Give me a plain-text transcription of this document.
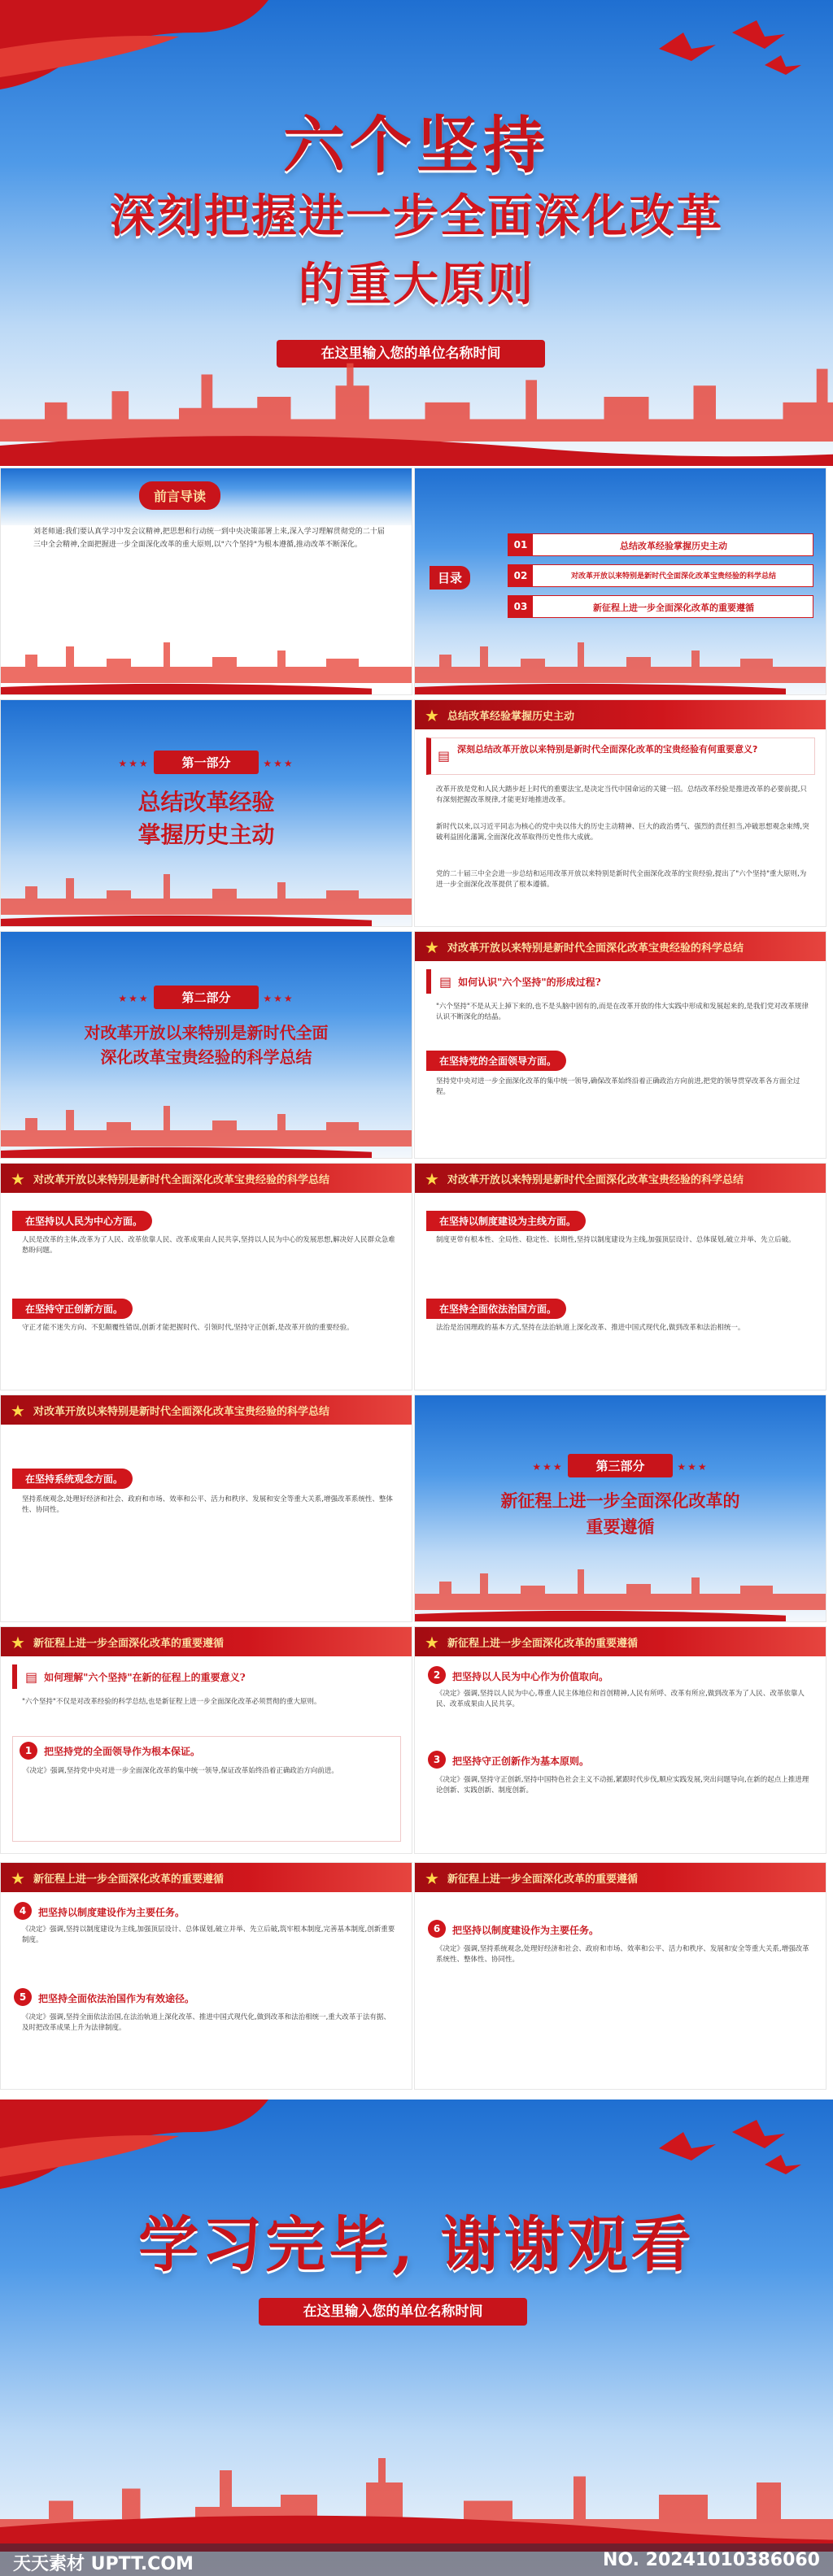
六个坚持
深刻把握进一步全面深化改革
的重大原则
在这里输入您的单位名称时间
前言导读
刘老师通:我们要认真学习中发会议精神,把思想和行动统一到中央决策部署上来,深入学习理解贯彻党的二十届三中全会精神,全面把握进一步全面深化改革的重大原则,以"六个坚持"为根本遵循,推动改革不断深化。
目录
01	总结改革经验掌握历史主动
02	对改革开放以来特别是新时代全面深化改革宝贵经验的科学总结
03	新征程上进一步全面深化改革的重要遵循
★★★ 第一部分	★★★
总结改革经验
掌握历史主动
★ 总结改革经验掌握历史主动
▤ 深刻总结改革开放以来特别是新时代全面深化改革的宝贵经验有何重要意义?
改革开放是党和人民大踏步赶上时代的重要法宝,是决定当代中国命运的关键一招。总结改革经验是推进改革的必要前提,只有深刻把握改革规律,才能更好地推进改革。
新时代以来,以习近平同志为核心的党中央以伟大的历史主动精神、巨大的政治勇气、强烈的责任担当,冲破思想观念束缚,突破利益固化藩篱,全面深化改革取得历史性伟大成就。
党的二十届三中全会进一步总结和运用改革开放以来特别是新时代全面深化改革的宝贵经验,提出了"六个坚持"重大原则,为进一步全面深化改革提供了根本遵循。
★★★ 第二部分	★★★
对改革开放以来特别是新时代全面
深化改革宝贵经验的科学总结
★ 对改革开放以来特别是新时代全面深化改革宝贵经验的科学总结
▤ 如何认识"六个坚持"的形成过程?
"六个坚持"不是从天上掉下来的,也不是头脑中固有的,而是在改革开放的伟大实践中形成和发展起来的,是我们党对改革规律认识不断深化的结晶。
在坚持党的全面领导方面。
坚持党中央对进一步全面深化改革的集中统一领导,确保改革始终沿着正确政治方向前进,把党的领导贯穿改革各方面全过程。
★ 对改革开放以来特别是新时代全面深化改革宝贵经验的科学总结
在坚持以人民为中心方面。
人民是改革的主体,改革为了人民、改革依靠人民、改革成果由人民共享,坚持以人民为中心的发展思想,解决好人民群众急难愁盼问题。
在坚持守正创新方面。
守正才能不迷失方向、不犯颠覆性错误,创新才能把握时代、引领时代,坚持守正创新,是改革开放的重要经验。
★ 对改革开放以来特别是新时代全面深化改革宝贵经验的科学总结
在坚持以制度建设为主线方面。
制度更带有根本性、全局性、稳定性、长期性,坚持以制度建设为主线,加强顶层设计、总体谋划,破立并举、先立后破。
在坚持全面依法治国方面。
法治是治国理政的基本方式,坚持在法治轨道上深化改革、推进中国式现代化,做到改革和法治相统一。
★ 对改革开放以来特别是新时代全面深化改革宝贵经验的科学总结
在坚持系统观念方面。
坚持系统观念,处理好经济和社会、政府和市场、效率和公平、活力和秩序、发展和安全等重大关系,增强改革系统性、整体性、协同性。
★★★ 第三部分	★★★
新征程上进一步全面深化改革的
重要遵循
★ 新征程上进一步全面深化改革的重要遵循
▤ 如何理解"六个坚持"在新的征程上的重要意义?
"六个坚持"不仅是对改革经验的科学总结,也是新征程上进一步全面深化改革必须贯彻的重大原则。
1	把坚持党的全面领导作为根本保证。
《决定》强调,坚持党中央对进一步全面深化改革的集中统一领导,保证改革始终沿着正确政治方向前进。
★ 新征程上进一步全面深化改革的重要遵循
2	把坚持以人民为中心作为价值取向。
《决定》强调,坚持以人民为中心,尊重人民主体地位和首创精神,人民有所呼、改革有所应,做到改革为了人民、改革依靠人民、改革成果由人民共享。
3	把坚持守正创新作为基本原则。
《决定》强调,坚持守正创新,坚持中国特色社会主义不动摇,紧跟时代步伐,顺应实践发展,突出问题导向,在新的起点上推进理论创新、实践创新、制度创新。
★ 新征程上进一步全面深化改革的重要遵循
4	把坚持以制度建设作为主要任务。
《决定》强调,坚持以制度建设为主线,加强顶层设计、总体谋划,破立并举、先立后破,筑牢根本制度,完善基本制度,创新重要制度。
5	把坚持全面依法治国作为有效途径。
《决定》强调,坚持全面依法治国,在法治轨道上深化改革、推进中国式现代化,做到改革和法治相统一,重大改革于法有据、及时把改革成果上升为法律制度。
★ 新征程上进一步全面深化改革的重要遵循
6	把坚持以制度建设作为主要任务。
《决定》强调,坚持系统观念,处理好经济和社会、政府和市场、效率和公平、活力和秩序、发展和安全等重大关系,增强改革系统性、整体性、协同性。
学习完毕, 谢谢观看
在这里输入您的单位名称时间
天天素材 UPTT.COM	NO. 20241010386060
